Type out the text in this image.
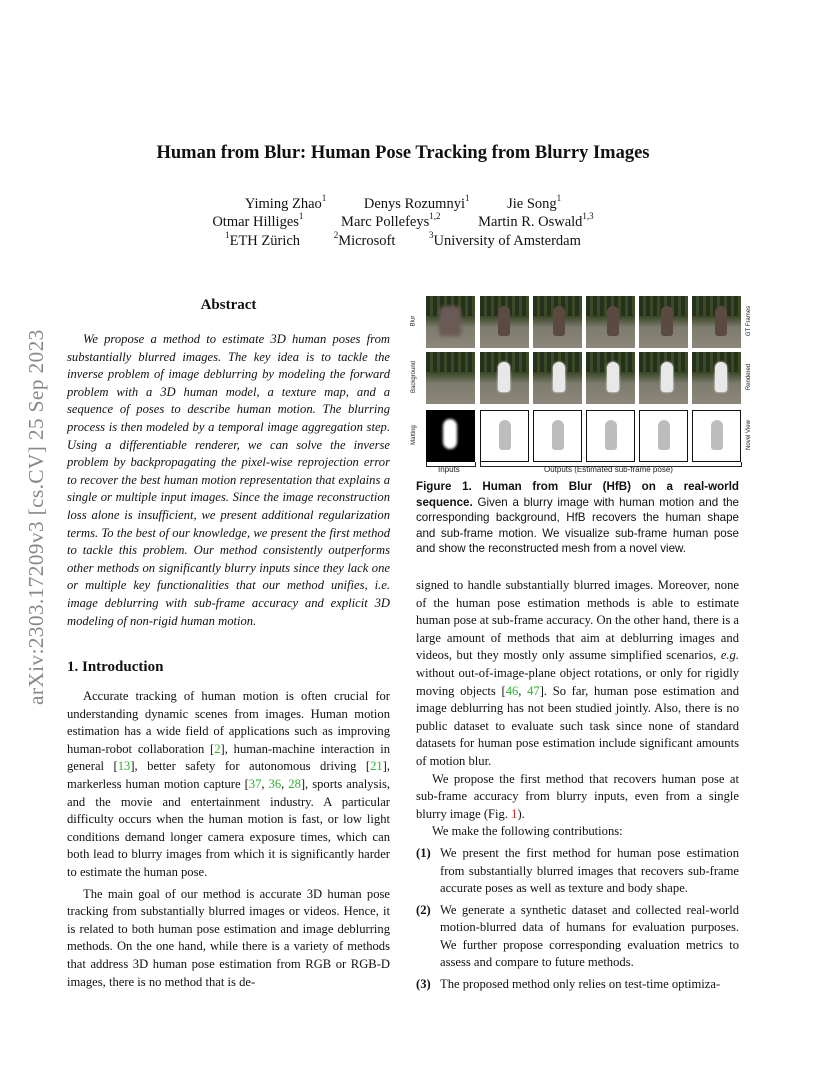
arXiv:2303.17209v3 [cs.CV] 25 Sep 2023
Human from Blur: Human Pose Tracking from Blurry Images
Yiming Zhao$^1$	Denys Rozumnyi$^1$	Jie Song$^1$
Otmar Hilliges$^1$	Marc Pollefeys$^{1,2}$	Martin R. Oswald$^{1,3}$
$^1$ETH Zürich	$^2$Microsoft	$^3$University of Amsterdam
Abstract

We propose a method to estimate 3D human poses from substantially blurred images. The key idea is to tackle the inverse problem of image deblurring by modeling the forward problem with a 3D human model, a texture map, and a sequence of poses to describe human motion. The blurring process is then modeled by a temporal image aggregation step. Using a differentiable renderer, we can solve the inverse problem by backpropagating the pixel-wise reprojection error to recover the best human motion representation that explains a single or multiple input images. Since the image reconstruction loss alone is insufficient, we present additional regularization terms. To the best of our knowledge, we present the first method to tackle this problem. Our method consistently outperforms other methods on significantly blurry inputs since they lack one or multiple key functionalities that our method unifies, i.e. image deblurring with sub-frame accuracy and explicit 3D modeling of non-rigid human motion.

1. Introduction

Accurate tracking of human motion is often crucial for understanding dynamic scenes from images. Human motion estimation has a wide field of applications such as improving human-robot collaboration [2], human-machine interaction in general [13], better safety for autonomous driving [21], markerless human motion capture [37, 36, 28], sports analysis, and the movie and entertainment industry. A particular difficulty occurs when the human motion is fast, or low light conditions demand longer camera exposure times, which can both lead to blurry images from which it is significantly harder to estimate the human pose.

The main goal of our method is accurate 3D human pose tracking from substantially blurred images or videos. Hence, it is related to both human pose estimation and image deblurring methods. On the one hand, while there is a variety of methods that address 3D human pose estimation from RGB or RGB-D images, there is no method that is de-

Blur
Background
Matting
GT Frames
Rendered
Novel View
Inputs	Outputs (Estimated sub-frame pose)
Figure 1. Human from Blur (HfB) on a real-world sequence. Given a blurry image with human motion and the corresponding background, HfB recovers the human shape and sub-frame motion. We visualize sub-frame human pose and show the reconstructed mesh from a novel view.

signed to handle substantially blurred images. Moreover, none of the human pose estimation methods is able to estimate human pose at sub-frame accuracy. On the other hand, there is a large amount of methods that aim at deblurring images and videos, but they mostly only assume simplified scenarios, e.g. without out-of-image-plane object rotations, or only for rigidly moving objects [46, 47]. So far, human pose estimation and image deblurring has not been studied jointly. Also, there is no public dataset to evaluate such task since none of standard datasets for human pose estimation include significant amounts of motion blur.

We propose the first method that recovers human pose at sub-frame accuracy from blurry inputs, even from a single blurry image (Fig. 1).

We make the following contributions:

(1) We present the first method for human pose estimation from substantially blurred images that recovers sub-frame accurate poses as well as texture and body shape.
(2) We generate a synthetic dataset and collected real-world motion-blurred data of humans for evaluation purposes. We further propose corresponding evaluation metrics to assess and compare to future methods.
(3) The proposed method only relies on test-time optimiza-
